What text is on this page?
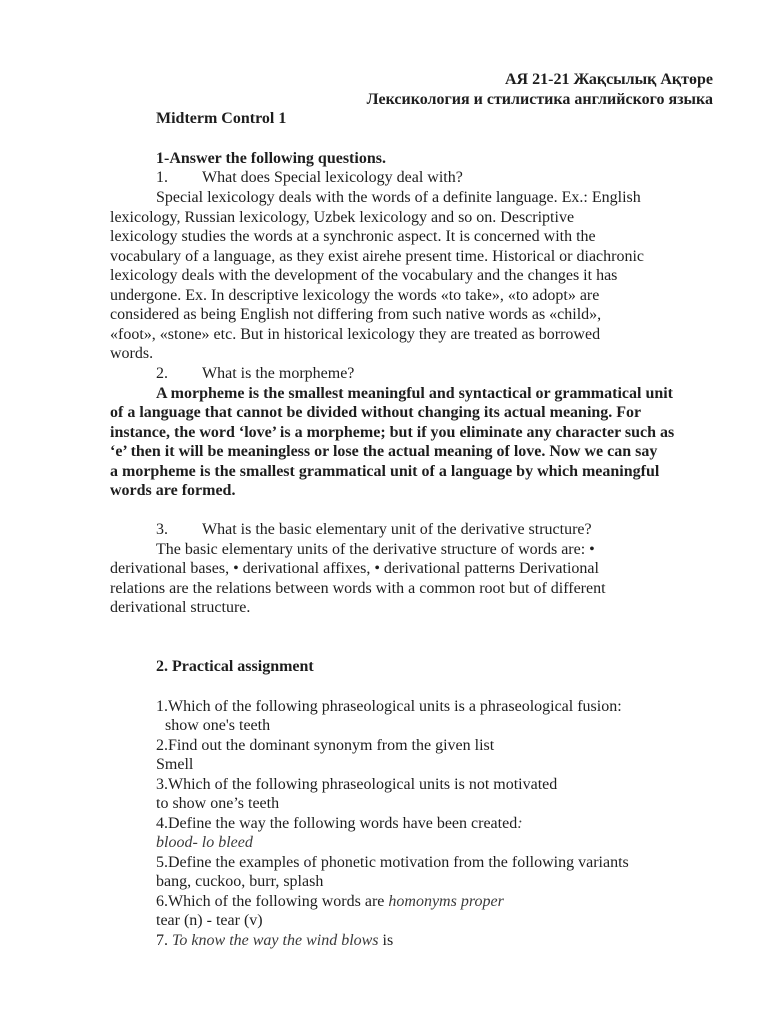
АЯ 21-21 Жақсылық Ақтөре
Лексикология и стилистика английского языка
Midterm Control 1
1-Answer the following questions.
1. What does Special lexicology deal with?
Special lexicology deals with the words of a definite language. Ex.: English
lexicology, Russian lexicology, Uzbek lexicology and so on. Descriptive
lexicology studies the words at a synchronic aspect. It is concerned with the
vocabulary of a language, as they exist airehe present time. Historical or diachronic
lexicology deals with the development of the vocabulary and the changes it has
undergone. Ex. In descriptive lexicology the words «to take», «to adopt» are
considered as being English not differing from such native words as «child»,
«foot», «stone» etc. But in historical lexicology they are treated as borrowed
words.
2. What is the morpheme?
A morpheme is the smallest meaningful and syntactical or grammatical unit
of a language that cannot be divided without changing its actual meaning. For
instance, the word ‘love’ is a morpheme; but if you eliminate any character such as
‘e’ then it will be meaningless or lose the actual meaning of love. Now we can say
a morpheme is the smallest grammatical unit of a language by which meaningful
words are formed.
3. What is the basic elementary unit of the derivative structure?
The basic elementary units of the derivative structure of words are: •
derivational bases, • derivational affixes, • derivational patterns Derivational
relations are the relations between words with a common root but of different
derivational structure.
2. Practical assignment
1.Which of the following phraseological units is a phraseological fusion:
show one's teeth
2.Find out the dominant synonym from the given list
Smell
3.Which of the following phraseological units is not motivated
to show one’s teeth
4.Define the way the following words have been created:
blood- lo bleed
5.Define the examples of phonetic motivation from the following variants
bang, cuckoo, burr, splash
6.Which of the following words are homonyms proper
tear (n) - tear (v)
7. To know the way the wind blows is
